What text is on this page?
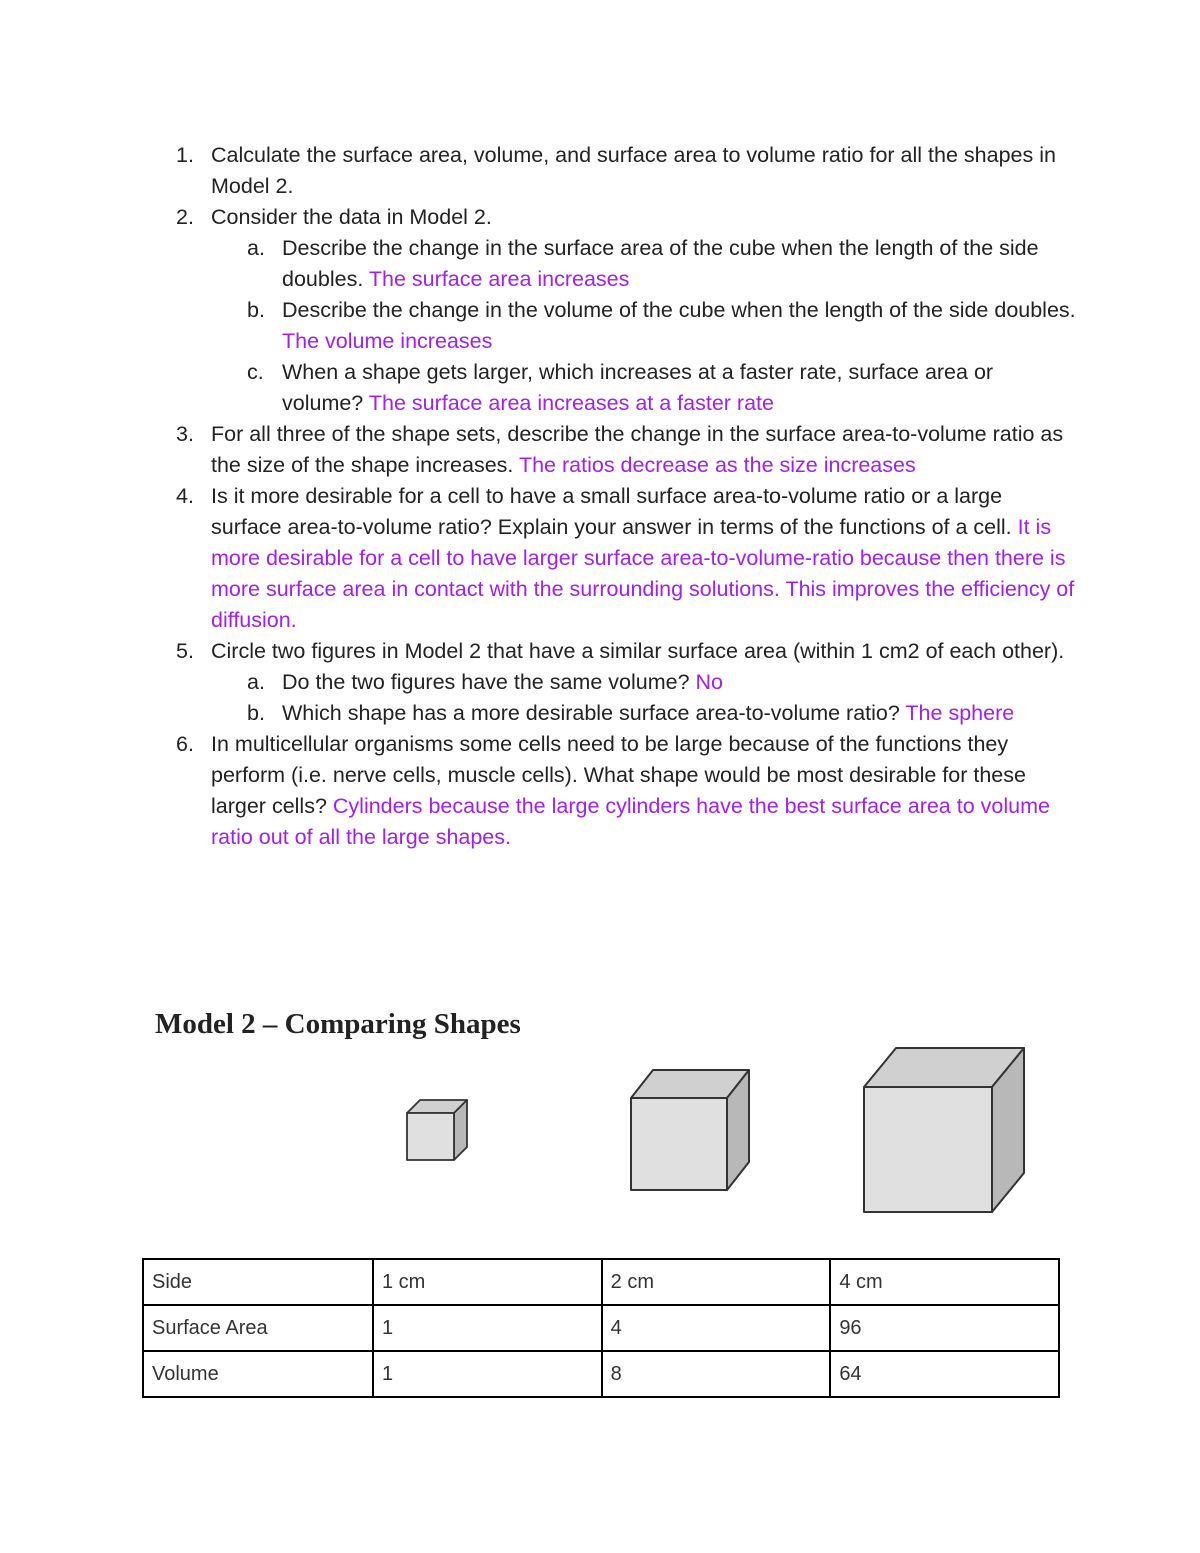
1. Calculate the surface area, volume, and surface area to volume ratio for all the shapes in Model 2.
2. Consider the data in Model 2.
a. Describe the change in the surface area of the cube when the length of the side doubles. The surface area increases
b. Describe the change in the volume of the cube when the length of the side doubles. The volume increases
c. When a shape gets larger, which increases at a faster rate, surface area or volume? The surface area increases at a faster rate
3. For all three of the shape sets, describe the change in the surface area-to-volume ratio as the size of the shape increases. The ratios decrease as the size increases
4. Is it more desirable for a cell to have a small surface area-to-volume ratio or a large surface area-to-volume ratio? Explain your answer in terms of the functions of a cell. It is more desirable for a cell to have larger surface area-to-volume-ratio because then there is more surface area in contact with the surrounding solutions. This improves the efficiency of diffusion.
5. Circle two figures in Model 2 that have a similar surface area (within 1 cm2 of each other).
a. Do the two figures have the same volume? No
b. Which shape has a more desirable surface area-to-volume ratio? The sphere
6. In multicellular organisms some cells need to be large because of the functions they perform (i.e. nerve cells, muscle cells). What shape would be most desirable for these larger cells? Cylinders because the large cylinders have the best surface area to volume ratio out of all the large shapes.
Model 2 – Comparing Shapes
Side	1 cm	2 cm	4 cm
Surface Area	1	4	96
Volume	1	8	64
